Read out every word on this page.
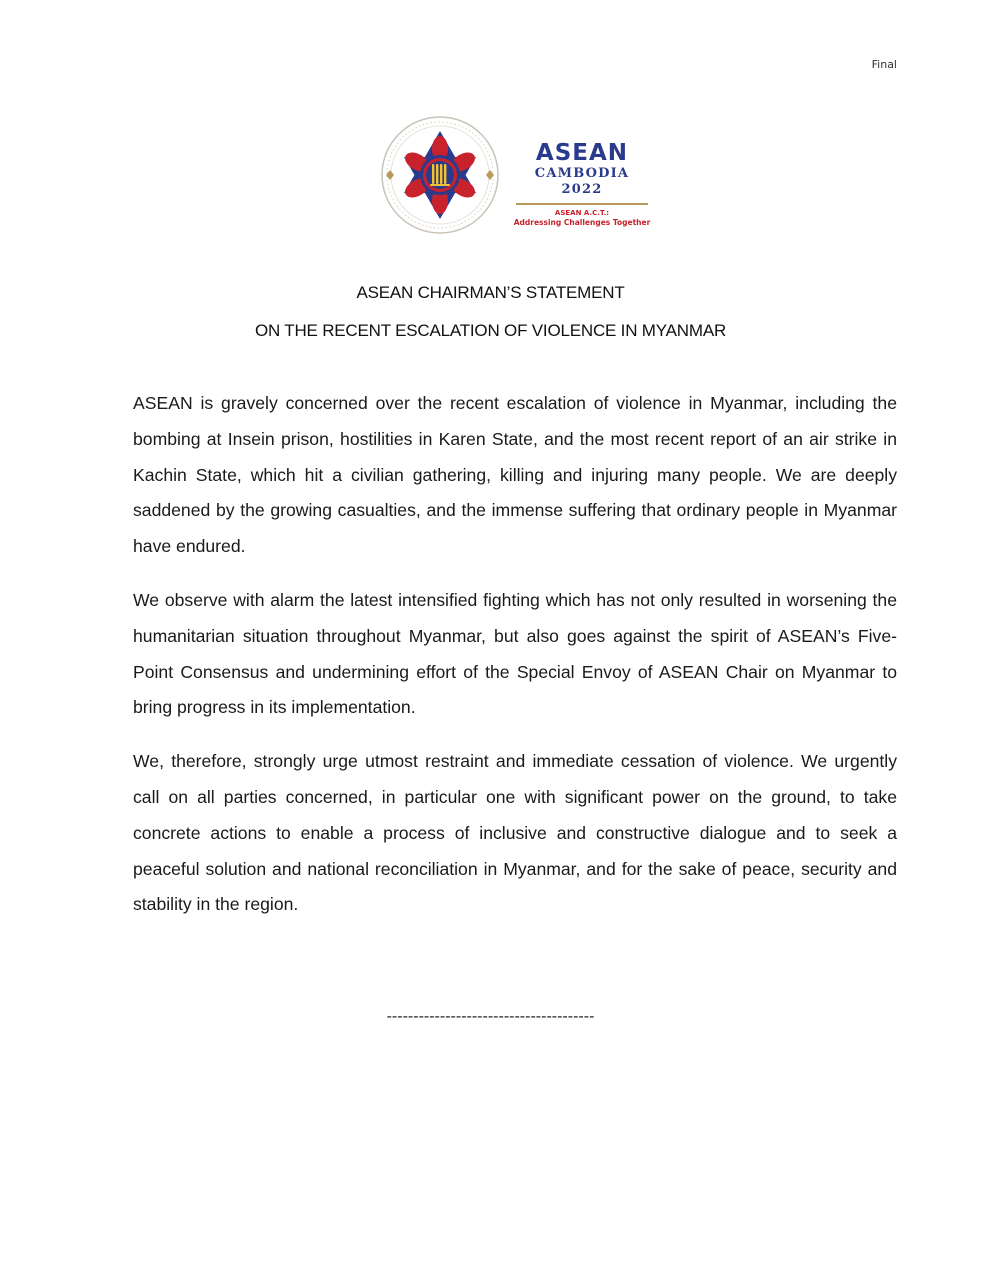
Final
ASEAN
CAMBODIA 2022
ASEAN A.C.T.:
Addressing Challenges Together
ASEAN CHAIRMAN’S STATEMENT
ON THE RECENT ESCALATION OF VIOLENCE IN MYANMAR

ASEAN is gravely concerned over the recent escalation of violence in Myanmar, including the bombing at Insein prison, hostilities in Karen State, and the most recent report of an air strike in Kachin State, which hit a civilian gathering, killing and injuring many people. We are deeply saddened by the growing casualties, and the immense suffering that ordinary people in Myanmar have endured.

We observe with alarm the latest intensified fighting which has not only resulted in worsening the humanitarian situation throughout Myanmar, but also goes against the spirit of ASEAN’s Five-Point Consensus and undermining effort of the Special Envoy of ASEAN Chair on Myanmar to bring progress in its implementation.

We, therefore, strongly urge utmost restraint and immediate cessation of violence. We urgently call on all parties concerned, in particular one with significant power on the ground, to take concrete actions to enable a process of inclusive and constructive dialogue and to seek a peaceful solution and national reconciliation in Myanmar, and for the sake of peace, security and stability in the region.

---------------------------------------
